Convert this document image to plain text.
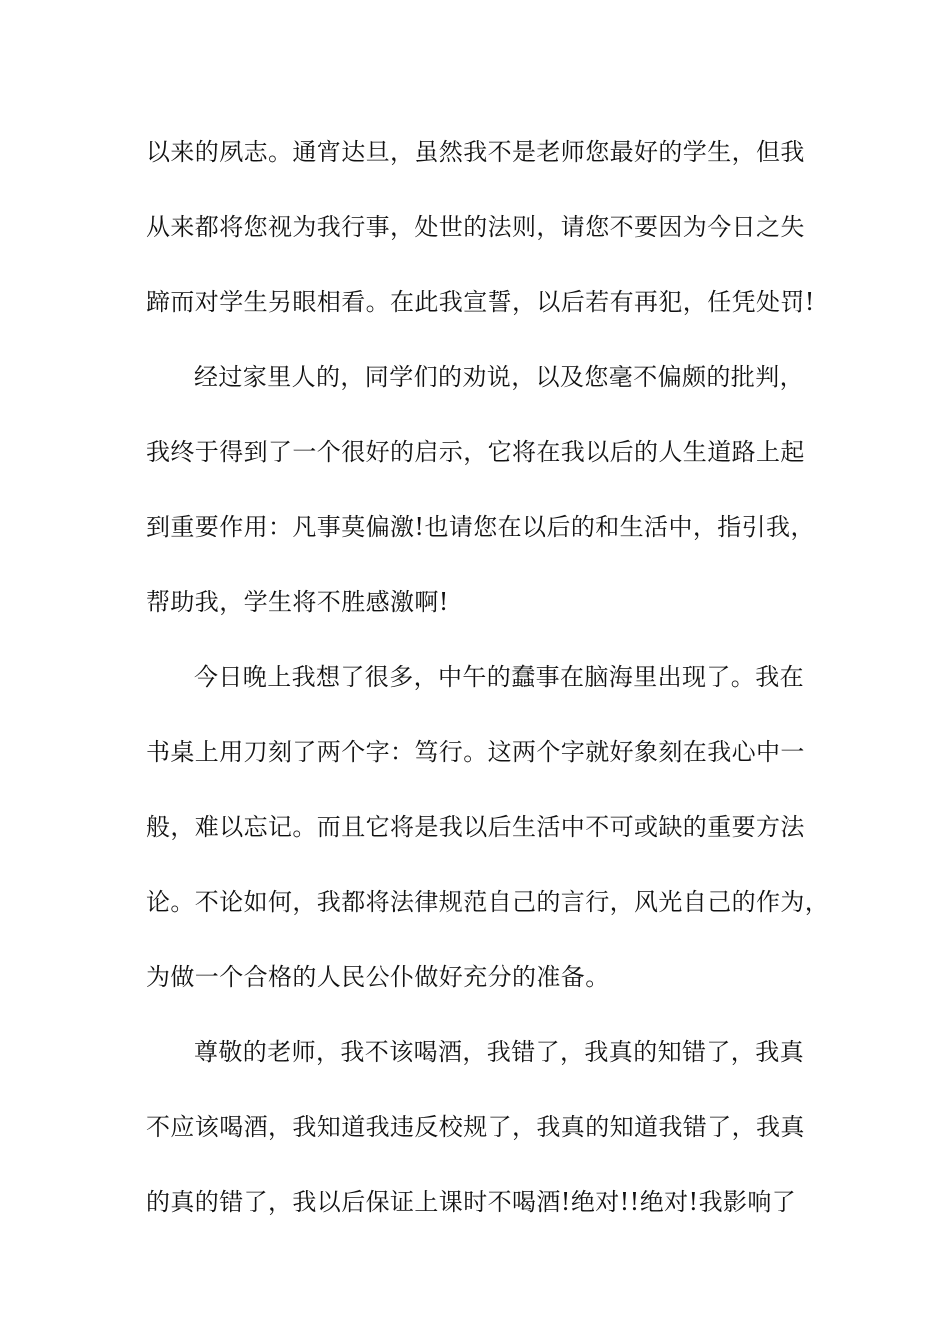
以来的夙志。通宵达旦，虽然我不是老师您最好的学生，但我
从来都将您视为我行事，处世的法则，请您不要因为今日之失
蹄而对学生另眼相看。在此我宣誓，以后若有再犯，任凭处罚!
经过家里人的，同学们的劝说，以及您毫不偏颇的批判，
我终于得到了一个很好的启示，它将在我以后的人生道路上起
到重要作用：凡事莫偏激!也请您在以后的和生活中，指引我，
帮助我，学生将不胜感激啊!
今日晚上我想了很多，中午的蠢事在脑海里出现了。我在
书桌上用刀刻了两个字：笃行。这两个字就好象刻在我心中一
般，难以忘记。而且它将是我以后生活中不可或缺的重要方法
论。不论如何，我都将法律规范自己的言行，风光自己的作为，
为做一个合格的人民公仆做好充分的准备。
尊敬的老师，我不该喝酒，我错了，我真的知错了，我真
不应该喝酒，我知道我违反校规了，我真的知道我错了，我真
的真的错了，我以后保证上课时不喝酒!绝对!!绝对!我影响了
